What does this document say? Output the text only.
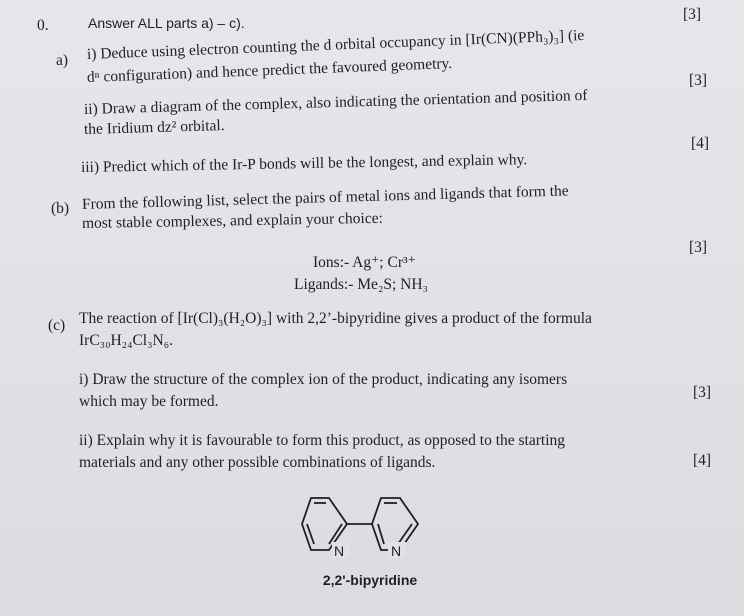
0.	Answer ALL parts a) – c).	[3]
a) i) Deduce using electron counting the d orbital occupancy in [Ir(CN)(PPh₃)₃] (ie
dⁿ configuration) and hence predict the favoured geometry.	[3]
ii) Draw a diagram of the complex, also indicating the orientation and position of
the Iridium dz² orbital.
[4]
iii) Predict which of the Ir-P bonds will be the longest, and explain why.
(b) From the following list, select the pairs of metal ions and ligands that form the
most stable complexes, and explain your choice:
[3]
Ions:- Ag⁺; Cr³⁺
Ligands:- Me₂S; NH₃
(c) The reaction of [Ir(Cl)₃(H₂O)₃] with 2,2’-bipyridine gives a product of the formula
IrC₃₀H₂₄Cl₃N₆.
i) Draw the structure of the complex ion of the product, indicating any isomers
which may be formed.
[3]
ii) Explain why it is favourable to form this product, as opposed to the starting
materials and any other possible combinations of ligands.	[4]
N	N
2,2'-bipyridine
